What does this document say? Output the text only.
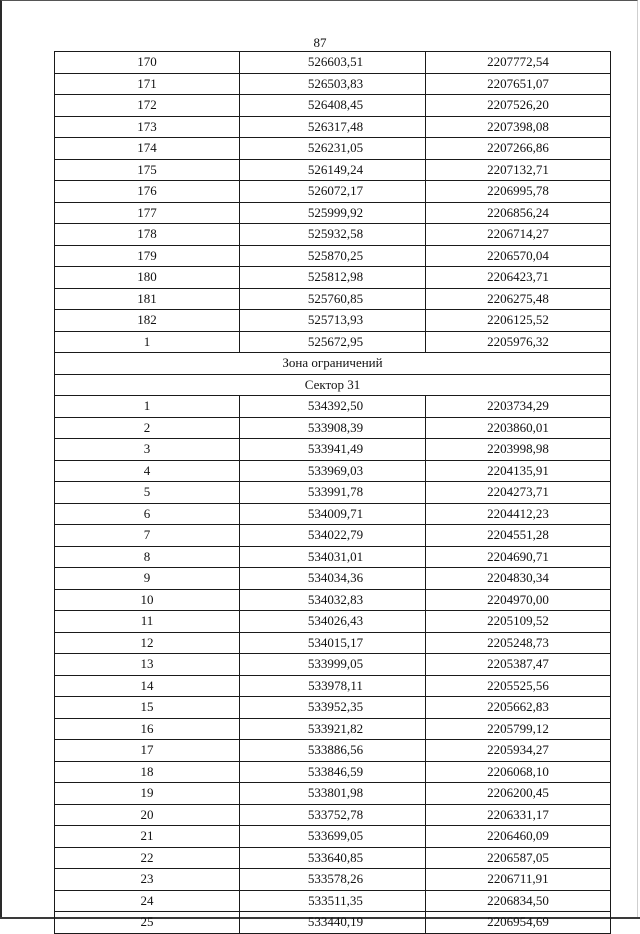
87
170	526603,51	2207772,54
171	526503,83	2207651,07
172	526408,45	2207526,20
173	526317,48	2207398,08
174	526231,05	2207266,86
175	526149,24	2207132,71
176	526072,17	2206995,78
177	525999,92	2206856,24
178	525932,58	2206714,27
179	525870,25	2206570,04
180	525812,98	2206423,71
181	525760,85	2206275,48
182	525713,93	2206125,52
1	525672,95	2205976,32
Зона ограничений		
Сектор 31		
1	534392,50	2203734,29
2	533908,39	2203860,01
3	533941,49	2203998,98
4	533969,03	2204135,91
5	533991,78	2204273,71
6	534009,71	2204412,23
7	534022,79	2204551,28
8	534031,01	2204690,71
9	534034,36	2204830,34
10	534032,83	2204970,00
11	534026,43	2205109,52
12	534015,17	2205248,73
13	533999,05	2205387,47
14	533978,11	2205525,56
15	533952,35	2205662,83
16	533921,82	2205799,12
17	533886,56	2205934,27
18	533846,59	2206068,10
19	533801,98	2206200,45
20	533752,78	2206331,17
21	533699,05	2206460,09
22	533640,85	2206587,05
23	533578,26	2206711,91
24	533511,35	2206834,50
25	533440,19	2206954,69
